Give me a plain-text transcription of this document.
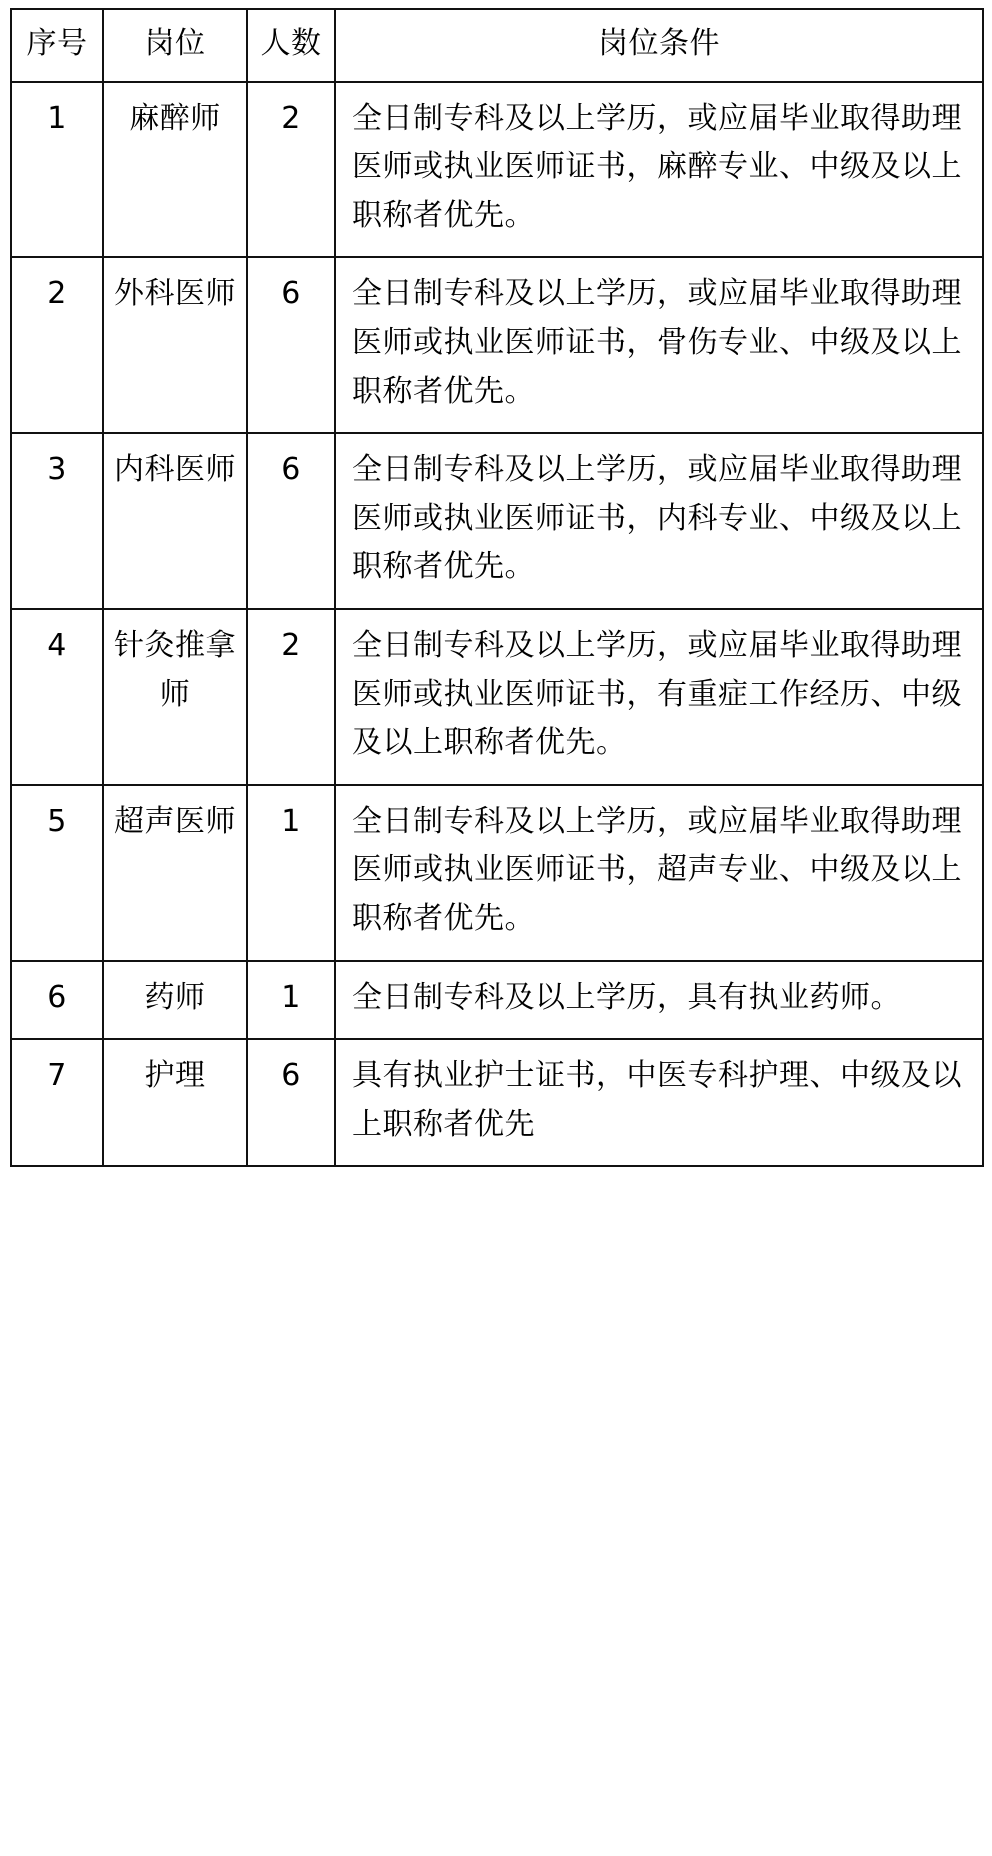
序号	岗位	人数	岗位条件
1	麻醉师	2	全日制专科及以上学历，或应届毕业取得助理医师或执业医师证书，麻醉专业、中级及以上职称者优先。
2	外科医师	6	全日制专科及以上学历，或应届毕业取得助理医师或执业医师证书，骨伤专业、中级及以上职称者优先。
3	内科医师	6	全日制专科及以上学历，或应届毕业取得助理医师或执业医师证书，内科专业、中级及以上职称者优先。
4	针灸推拿师	2	全日制专科及以上学历，或应届毕业取得助理医师或执业医师证书，有重症工作经历、中级及以上职称者优先。
5	超声医师	1	全日制专科及以上学历，或应届毕业取得助理医师或执业医师证书，超声专业、中级及以上职称者优先。
6	药师	1	全日制专科及以上学历，具有执业药师。
7	护理	6	具有执业护士证书，中医专科护理、中级及以上职称者优先
